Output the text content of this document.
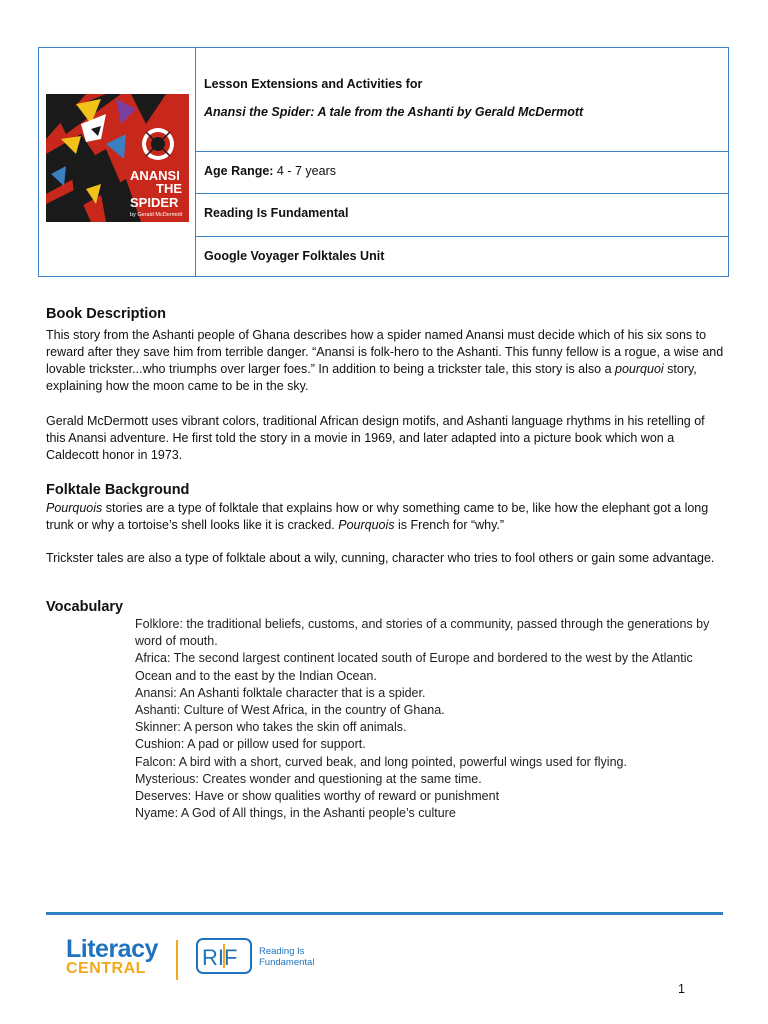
ANANSI
THE
SPIDER
by Gerald McDermott
Lesson Extensions and Activities for
Anansi the Spider: A tale from the Ashanti by Gerald McDermott
Age Range: 4 - 7 years
Reading Is Fundamental
Google Voyager Folktales Unit
Book Description
This story from the Ashanti people of Ghana describes how a spider named Anansi must decide which of his six sons to reward after they save him from terrible danger. “Anansi is folk-hero to the Ashanti. This funny fellow is a rogue, a wise and lovable trickster...who triumphs over larger foes.” In addition to being a trickster tale, this story is also a pourquoi story, explaining how the moon came to be in the sky.
Gerald McDermott uses vibrant colors, traditional African design motifs, and Ashanti language rhythms in his retelling of this Anansi adventure. He first told the story in a movie in 1969, and later adapted into a picture book which won a Caldecott honor in 1973.
Folktale Background
Pourquois stories are a type of folktale that explains how or why something came to be, like how the elephant got a long trunk or why a tortoise’s shell looks like it is cracked. Pourquois is French for “why.”
Trickster tales are also a type of folktale about a wily, cunning, character who tries to fool others or gain some advantage.
Vocabulary
Folklore: the traditional beliefs, customs, and stories of a community, passed through the generations by word of mouth.
Africa: The second largest continent located south of Europe and bordered to the west by the Atlantic Ocean and to the east by the Indian Ocean.
Anansi: An Ashanti folktale character that is a spider.
Ashanti: Culture of West Africa, in the country of Ghana.
Skinner: A person who takes the skin off animals.
Cushion: A pad or pillow used for support.
Falcon: A bird with a short, curved beak, and long pointed, powerful wings used for flying.
Mysterious: Creates wonder and questioning at the same time.
Deserves: Have or show qualities worthy of reward or punishment
Nyame: A God of All things, in the Ashanti people’s culture
Literacy
CENTRAL	RIF Reading Is
Fundamental
1
